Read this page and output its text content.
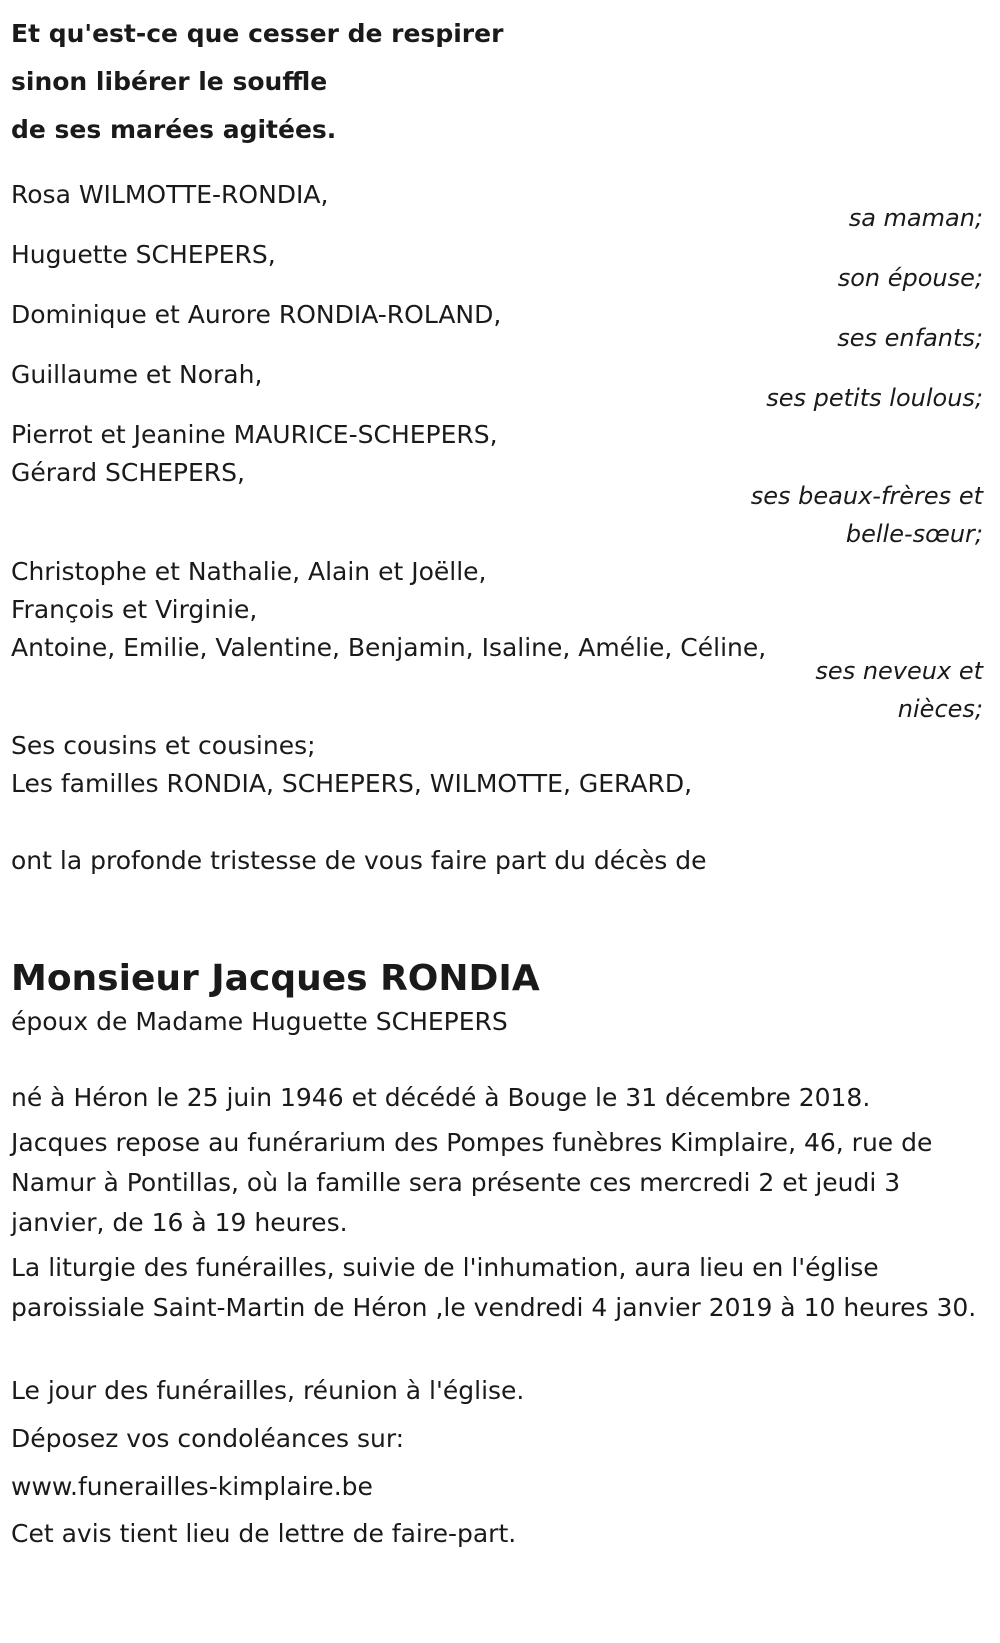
Et qu'est-ce que cesser de respirer
sinon libérer le souffle
de ses marées agitées.
Rosa WILMOTTE-RONDIA,
sa maman;
Huguette SCHEPERS,
son épouse;
Dominique et Aurore RONDIA-ROLAND,
ses enfants;
Guillaume et Norah,
ses petits loulous;
Pierrot et Jeanine MAURICE-SCHEPERS,
Gérard SCHEPERS,
ses beaux-frères et
belle-sœur;
Christophe et Nathalie, Alain et Joëlle,
François et Virginie,
Antoine, Emilie, Valentine, Benjamin, Isaline, Amélie, Céline,
ses neveux et
nièces;
Ses cousins et cousines;
Les familles RONDIA, SCHEPERS, WILMOTTE, GERARD,
ont la profonde tristesse de vous faire part du décès de
Monsieur Jacques RONDIA
époux de Madame Huguette SCHEPERS
né à Héron le 25 juin 1946 et décédé à Bouge le 31 décembre 2018.
Jacques repose au funérarium des Pompes funèbres Kimplaire, 46, rue de Namur à Pontillas, où la famille sera présente ces mercredi 2 et jeudi 3 janvier, de 16 à 19 heures.
La liturgie des funérailles, suivie de l'inhumation, aura lieu en l'église paroissiale Saint-Martin de Héron ,le vendredi 4 janvier 2019 à 10 heures 30.
Le jour des funérailles, réunion à l'église.
Déposez vos condoléances sur:
www.funerailles-kimplaire.be
Cet avis tient lieu de lettre de faire-part.
